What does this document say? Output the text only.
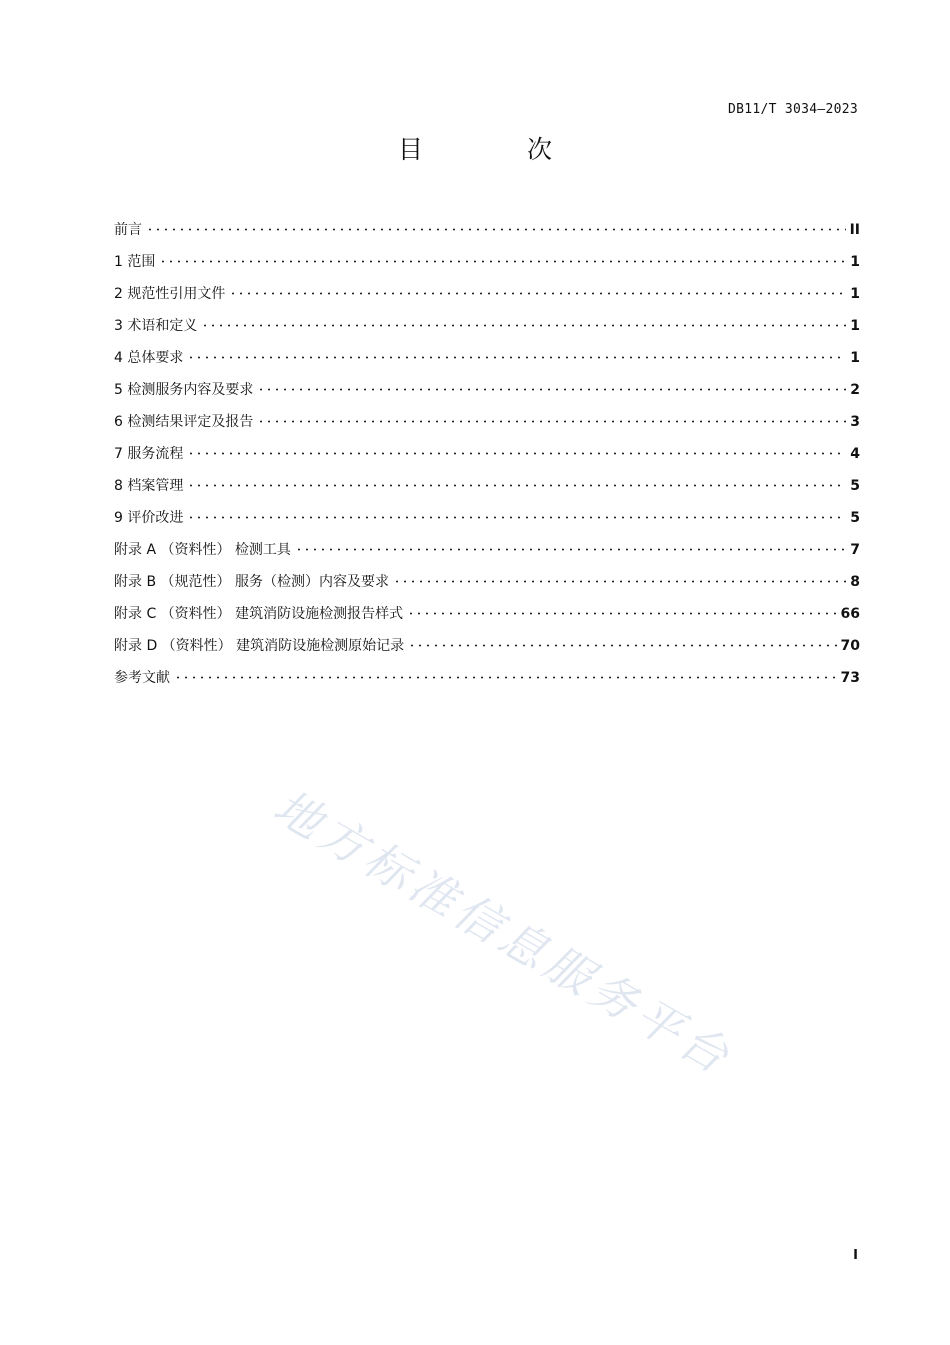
DB11/T 3034—2023
目 次
前言	II
1 范围	1
2 规范性引用文件	1
3 术语和定义	1
4 总体要求	1
5 检测服务内容及要求	2
6 检测结果评定及报告	3
7 服务流程	4
8 档案管理	5
9 评价改进	5
附录 A （资料性） 检测工具	7
附录 B （规范性） 服务（检测）内容及要求	8
附录 C （资料性） 建筑消防设施检测报告样式	66
附录 D （资料性） 建筑消防设施检测原始记录	70
参考文献	73
地方标准信息服务平台
I
